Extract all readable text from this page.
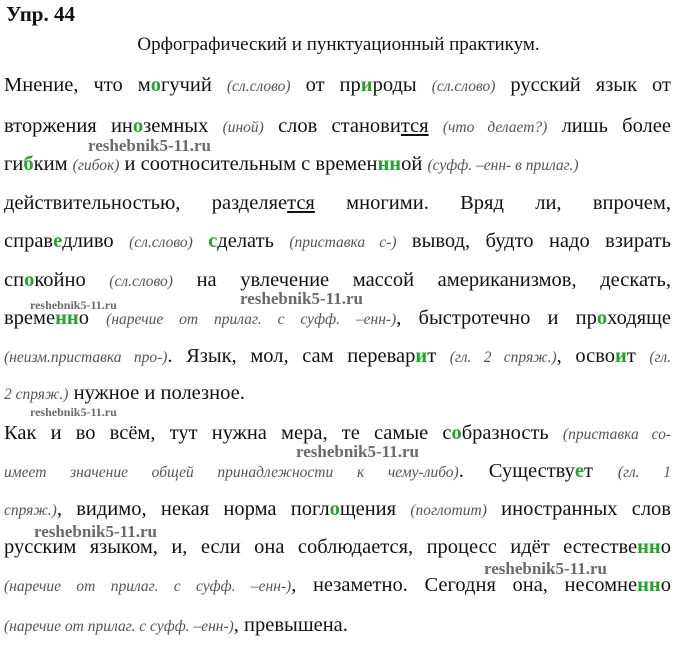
Упр. 44
Орфографический и пунктуационный практикум.
Мнение, что могучий (сл.слово) от природы (сл.слово) русский язык от
вторжения иноземных (иной) слов становится (что делает?) лишь более
гибким (гибок) и соотносительным с временнной (суфф. –енн- в прилаг.)
действительностью, разделяется многими. Вряд ли, впрочем,
справедливо (сл.слово) сделать (приставка с-) вывод, будто надо взирать
спокойно (сл.слово) на увлечение массой американизмов, дескать,
временно (наречие от прилаг. с суфф. –енн-), быстротечно и проходяще
(неизм.приставка про-). Язык, мол, сам переварит (гл. 2 спряж.), освоит (гл.
2 спряж.) нужное и полезное.
Как и во всём, тут нужна мера, те самые собразность (приставка со-
имеет значение общей принадлежности к чему-либо). Существует (гл. 1
спряж.), видимо, некая норма поглощения (поглотит) иностранных слов
русским языком, и, если она соблюдается, процесс идёт естественно
(наречие от прилаг. с суфф. –енн-), незаметно. Сегодня она, несомненно
(наречие от прилаг. с суфф. –енн-), превышена.
reshebnik5-11.ru
reshebnik5-11.ru
reshebnik5-11.ru
reshebnik5-11.ru
reshebnik5-11.ru
reshebnik5-11.ru
reshebnik5-11.ru
